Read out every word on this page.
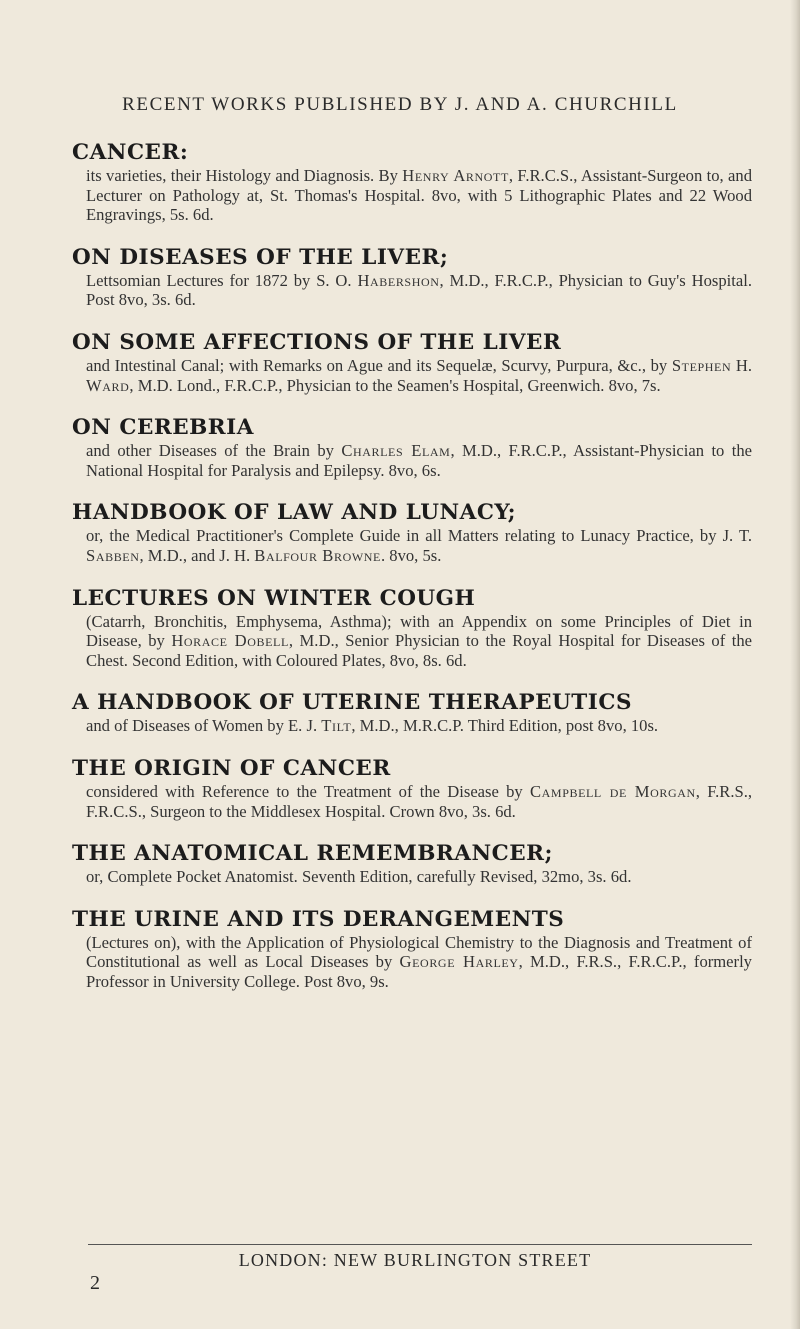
RECENT WORKS PUBLISHED BY J. AND A. CHURCHILL
CANCER:
its varieties, their Histology and Diagnosis. By Henry Arnott, F.R.C.S., Assistant-Surgeon to, and Lecturer on Pathology at, St. Thomas's Hospital. 8vo, with 5 Lithographic Plates and 22 Wood Engravings, 5s. 6d.
ON DISEASES OF THE LIVER;
Lettsomian Lectures for 1872 by S. O. Habershon, M.D., F.R.C.P., Physician to Guy's Hospital. Post 8vo, 3s. 6d.
ON SOME AFFECTIONS OF THE LIVER
and Intestinal Canal; with Remarks on Ague and its Sequelæ, Scurvy, Purpura, &c., by Stephen H. Ward, M.D. Lond., F.R.C.P., Physician to the Seamen's Hospital, Greenwich. 8vo, 7s.
ON CEREBRIA
and other Diseases of the Brain by Charles Elam, M.D., F.R.C.P., Assistant-Physician to the National Hospital for Paralysis and Epilepsy. 8vo, 6s.
HANDBOOK OF LAW AND LUNACY;
or, the Medical Practitioner's Complete Guide in all Matters relating to Lunacy Practice, by J. T. Sabben, M.D., and J. H. Balfour Browne. 8vo, 5s.
LECTURES ON WINTER COUGH
(Catarrh, Bronchitis, Emphysema, Asthma); with an Appendix on some Principles of Diet in Disease, by Horace Dobell, M.D., Senior Physician to the Royal Hospital for Diseases of the Chest. Second Edition, with Coloured Plates, 8vo, 8s. 6d.
A HANDBOOK OF UTERINE THERAPEUTICS
and of Diseases of Women by E. J. Tilt, M.D., M.R.C.P. Third Edition, post 8vo, 10s.
THE ORIGIN OF CANCER
considered with Reference to the Treatment of the Disease by Campbell de Morgan, F.R.S., F.R.C.S., Surgeon to the Middlesex Hospital. Crown 8vo, 3s. 6d.
THE ANATOMICAL REMEMBRANCER;
or, Complete Pocket Anatomist. Seventh Edition, carefully Revised, 32mo, 3s. 6d.
THE URINE AND ITS DERANGEMENTS
(Lectures on), with the Application of Physiological Chemistry to the Diagnosis and Treatment of Constitutional as well as Local Diseases by George Harley, M.D., F.R.S., F.R.C.P., formerly Professor in University College. Post 8vo, 9s.
LONDON: NEW BURLINGTON STREET
2
